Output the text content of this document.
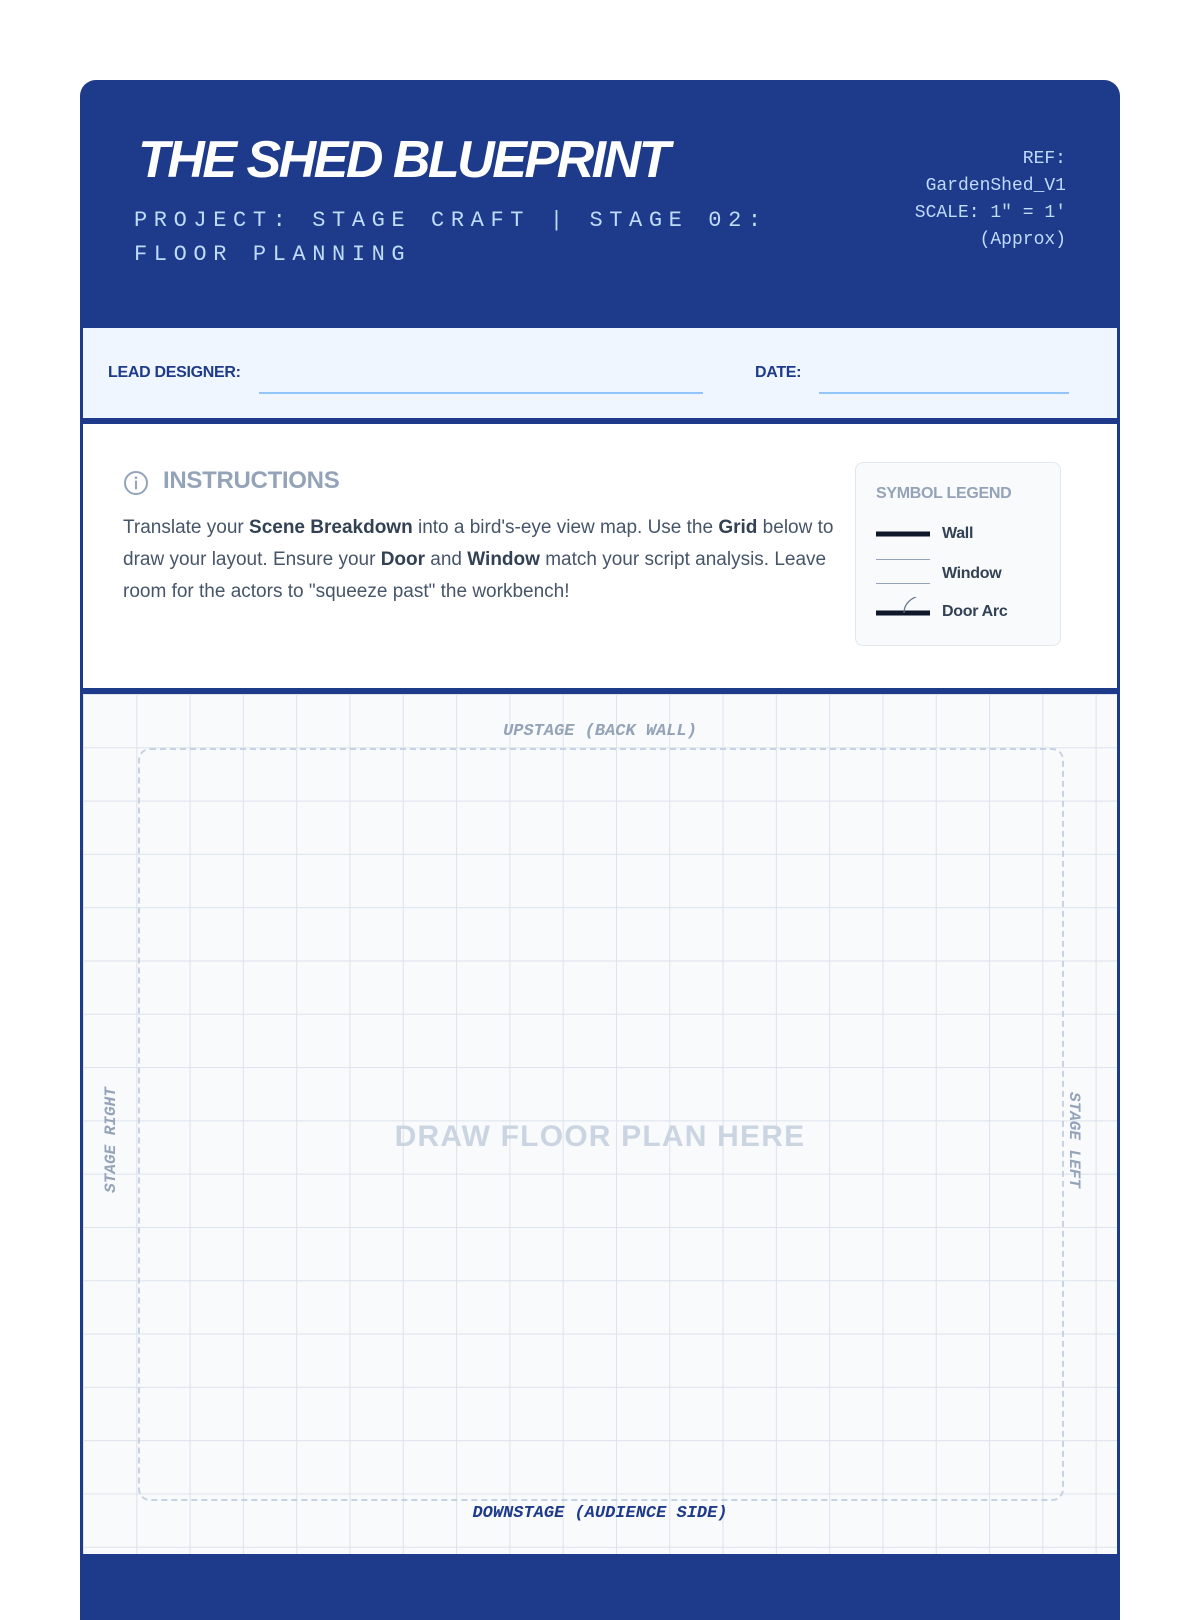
THE SHED BLUEPRINT
PROJECT: STAGE CRAFT | STAGE 02: FLOOR PLANNING
REF:
GardenShed_V1
SCALE: 1" = 1'
(Approx)
LEAD DESIGNER:	DATE:
INSTRUCTIONS

Translate your Scene Breakdown into a bird's-eye view map. Use the Grid below to draw your layout. Ensure your Door and Window match your script analysis. Leave room for the actors to "squeeze past" the workbench!

SYMBOL LEGEND
Wall
Window
Door Arc
UPSTAGE (BACK WALL)
STAGE RIGHT	STAGE LEFT
DRAW FLOOR PLAN HERE
DOWNSTAGE (AUDIENCE SIDE)
